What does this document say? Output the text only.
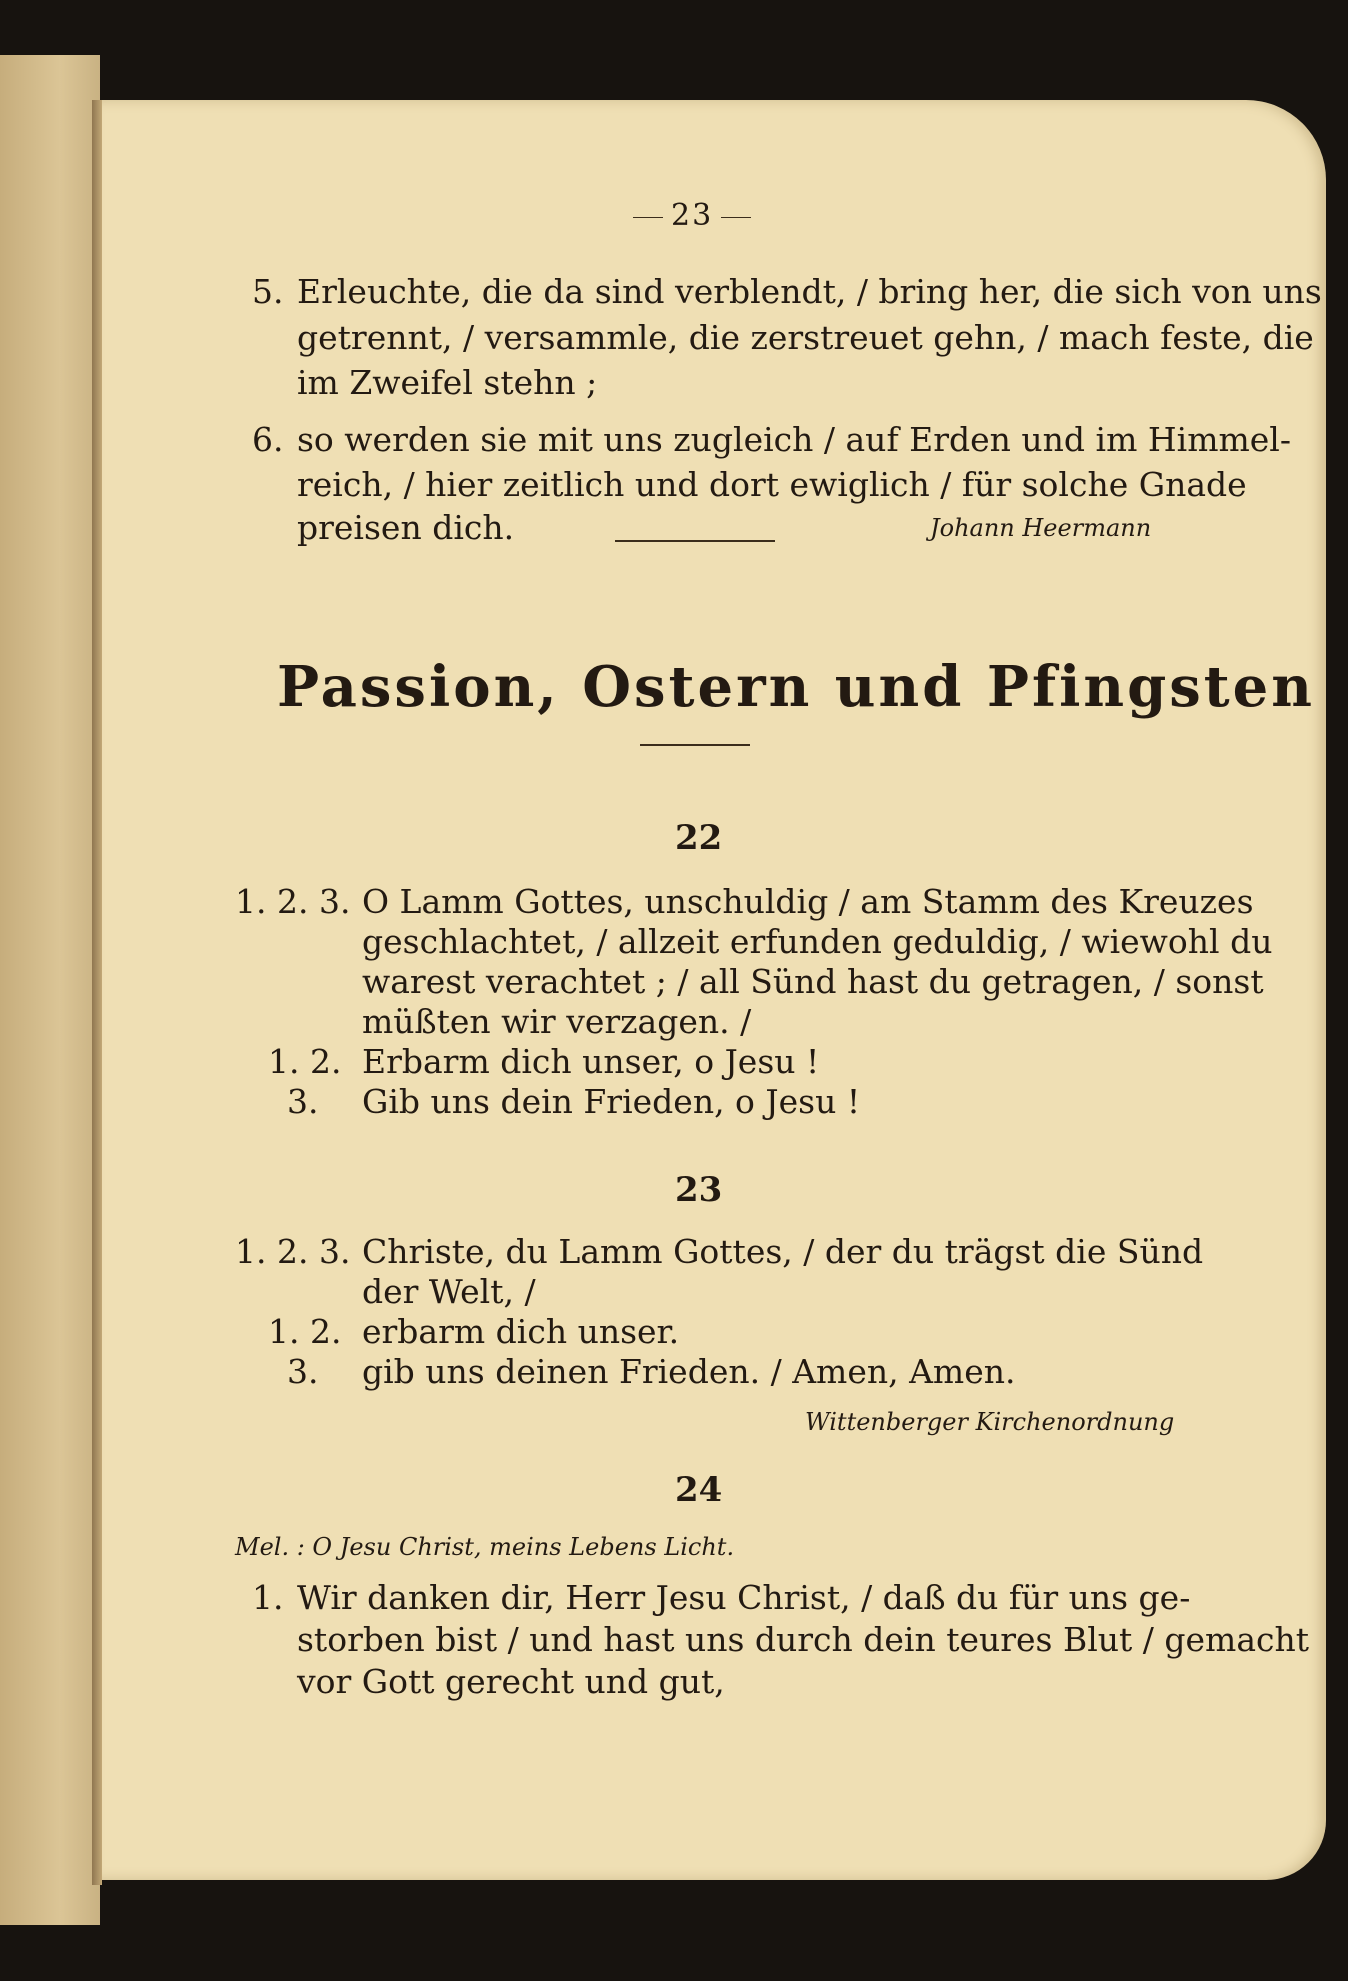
23
5. Erleuchte, die da sind verblendt, / bring her, die sich von uns
getrennt, / versammle, die zerstreuet gehn, / mach feste, die
im Zweifel stehn ;
6. so werden sie mit uns zugleich / auf Erden und im Himmel-
reich, / hier zeitlich und dort ewiglich / für solche Gnade
preisen dich.	Johann Heermann
Passion, Ostern und Pfingsten
22
1. 2. 3. O Lamm Gottes, unschuldig / am Stamm des Kreuzes
geschlachtet, / allzeit erfunden geduldig, / wiewohl du
warest verachtet ; / all Sünd hast du getragen, / sonst
müßten wir verzagen. /
1. 2. Erbarm dich unser, o Jesu !
3. Gib uns dein Frieden, o Jesu !
23
1. 2. 3. Christe, du Lamm Gottes, / der du trägst die Sünd
der Welt, /
1. 2. erbarm dich unser.
3. gib uns deinen Frieden. / Amen, Amen.
Wittenberger Kirchenordnung
24
Mel. : O Jesu Christ, meins Lebens Licht.
1. Wir danken dir, Herr Jesu Christ, / daß du für uns ge-
storben bist / und hast uns durch dein teures Blut / gemacht
vor Gott gerecht und gut,
